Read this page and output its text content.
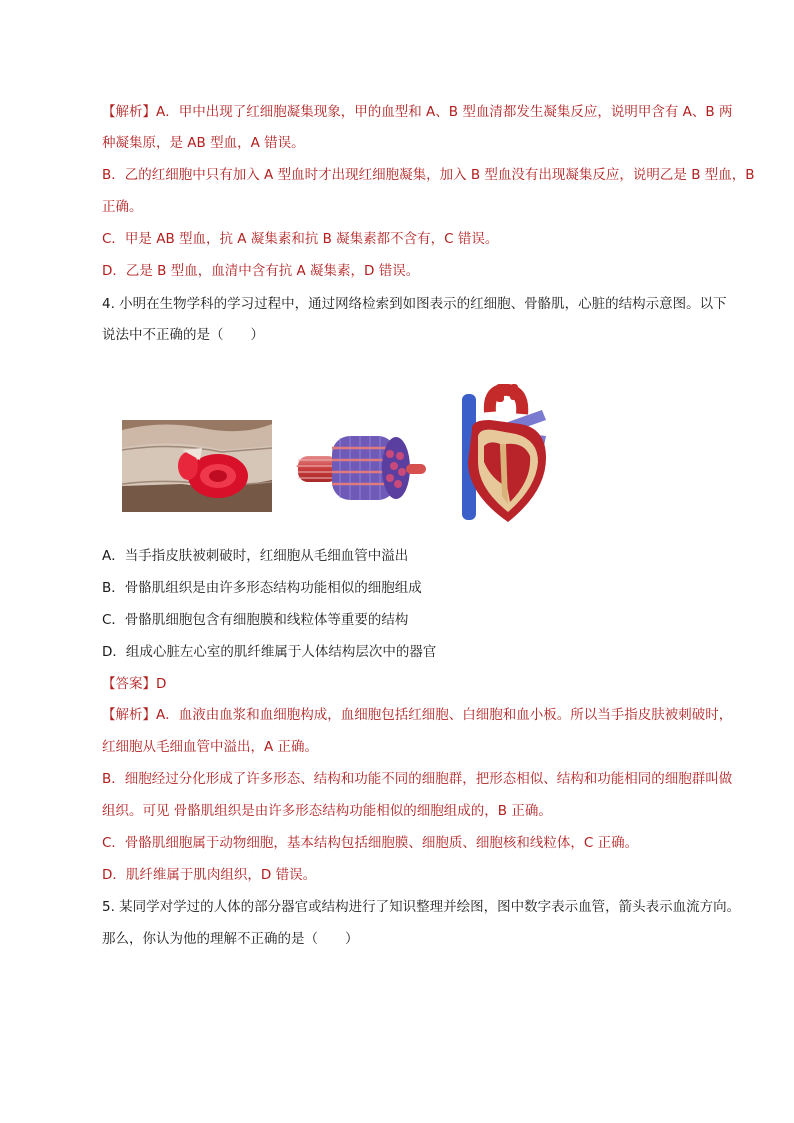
【 解析 】 A．甲中出现了红细胞凝集现象，甲的血型和 A、B 型血清都发生凝集反应，说明甲含有 A、B 两
种凝集原，是 AB 型血，A 错误。
B．乙的红细胞中只有加入 A 型血时才出现红细胞凝集，加入 B 型血没有出现凝集反应，说明乙是 B 型血，B
正确。
C．甲是 AB 型血，抗 A 凝集素和抗 B 凝集素都不含有，C 错误。
D．乙是 B 型血，血清中含有抗 A 凝集素，D 错误。
4. 小明在生物学科的学习过程中，通过网络检索到如图表示的红细胞、骨骼肌，心脏的结构示意图。以下
说法中不正确的是（　　）
A．当手指皮肤被刺破时，红细胞从毛细血管中溢出
B．骨骼肌组织是由许多形态结构功能相似的细胞组成
C．骨骼肌细胞包含有细胞膜和线粒体等重要的结构
D．组成心脏左心室的肌纤维属于人体结构层次中的器官
【 答案 】 D
【 解析 】 A．血液由血浆和血细胞构成，血细胞包括红细胞、白细胞和血小板。所以当手指皮肤被刺破时，
红细胞从毛细血管中溢出，A 正确。
B．细胞经过分化形成了许多形态、结构和功能不同的细胞群，把形态相似、结构和功能相同的细胞群叫做
组织。可见 骨骼肌组织是由许多形态结构功能相似的细胞组成的，B 正确。
C．骨骼肌细胞属于动物细胞，基本结构包括细胞膜、细胞质、细胞核和线粒体，C 正确。
D．肌纤维属于肌肉组织，D 错误。
5. 某同学对学过的人体的部分器官或结构进行了知识整理并绘图，图中数字表示血管，箭头表示血流方向。
那么，你认为他的理解不正确的是（　　）
